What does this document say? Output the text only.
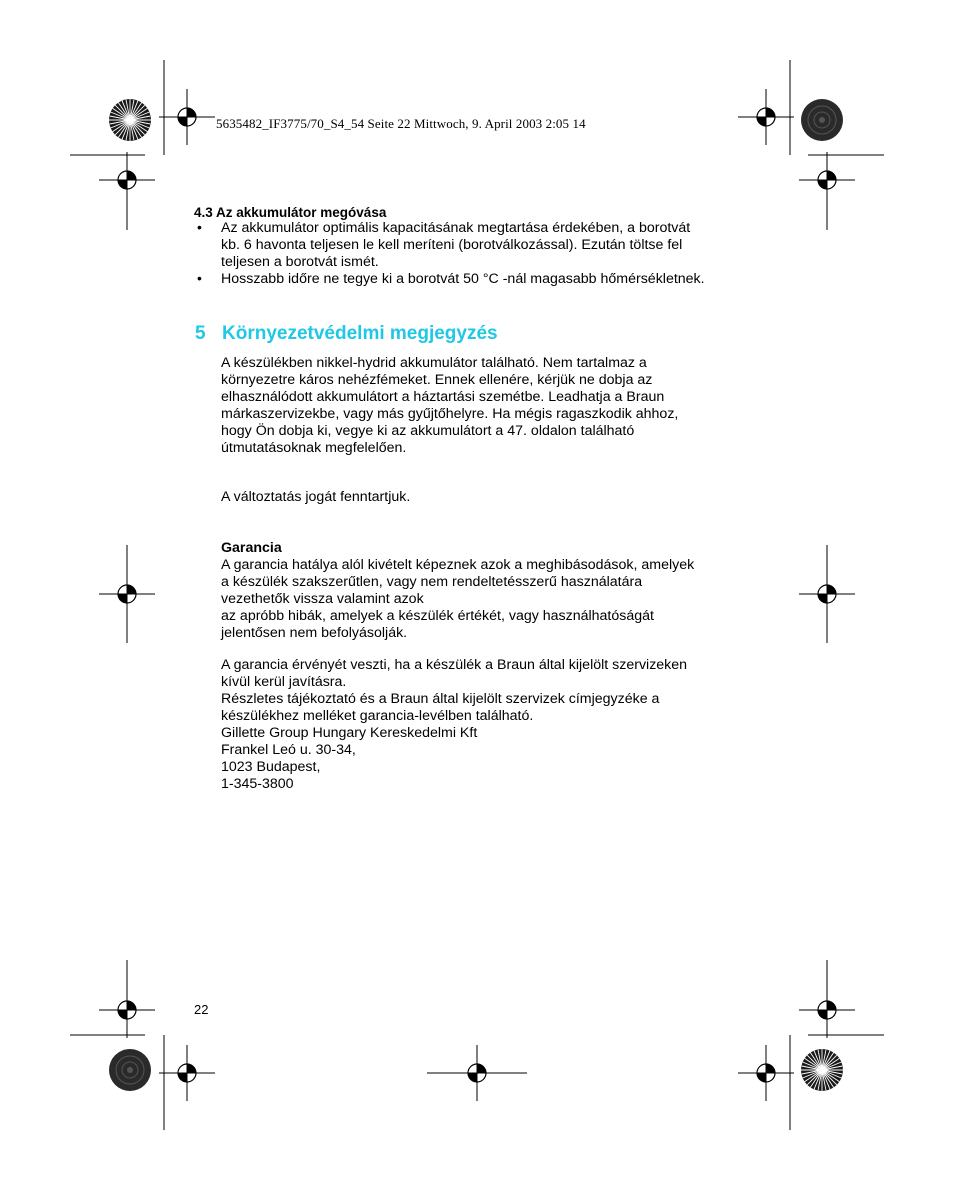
5635482_IF3775/70_S4_54 Seite 22 Mittwoch, 9. April 2003 2:05 14
4.3 Az akkumulátor megóvása
• Az akkumulátor optimális kapacitásának megtartása érdekében, a borotvát
kb. 6 havonta teljesen le kell meríteni (borotválkozással). Ezután töltse fel
teljesen a borotvát ismét.
• Hosszabb időre ne tegye ki a borotvát 50 °C -nál magasabb hőmérsékletnek.
5 Környezetvédelmi megjegyzés
A készülékben nikkel-hydrid akkumulátor található. Nem tartalmaz a
környezetre káros nehézfémeket. Ennek ellenére, kérjük ne dobja az
elhasználódott akkumulátort a háztartási szemétbe. Leadhatja a Braun
márkaszervizekbe, vagy más gyűjtőhelyre. Ha mégis ragaszkodik ahhoz,
hogy Ön dobja ki, vegye ki az akkumulátort a 47. oldalon található
útmutatásoknak megfelelően.
A változtatás jogát fenntartjuk.
Garancia
A garancia hatálya alól kivételt képeznek azok a meghibásodások, amelyek
a készülék szakszerűtlen, vagy nem rendeltetésszerű használatára
vezethetők vissza valamint azok
az apróbb hibák, amelyek a készülék értékét, vagy használhatóságát
jelentősen nem befolyásolják.
A garancia érvényét veszti, ha a készülék a Braun által kijelölt szervizeken
kívül kerül javításra.
Részletes tájékoztató és a Braun által kijelölt szervizek címjegyzéke a
készülékhez melléket garancia-levélben található.
Gillette Group Hungary Kereskedelmi Kft
Frankel Leó u. 30-34,
1023 Budapest,
1-345-3800
22
